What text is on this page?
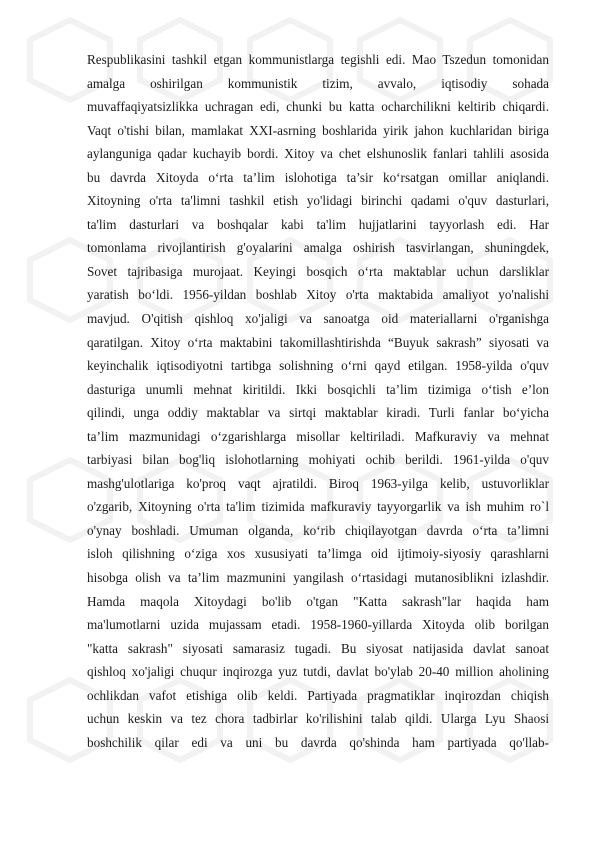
Respublikasini tashkil etgan kommunistlarga tegishli edi. Mao Tszedun tomonidan
amalga oshirilgan kommunistik tizim, avvalo, iqtisodiy sohada
muvaffaqiyatsizlikka uchragan edi, chunki bu katta ocharchilikni keltirib chiqardi.
Vaqt o'tishi bilan, mamlakat XXI-asrning boshlarida yirik jahon kuchlaridan biriga
aylanguniga qadar kuchayib bordi. Xitoy va chet elshunoslik fanlari tahlili asosida
bu davrda Xitoyda o‘rta ta’lim islohotiga ta’sir ko‘rsatgan omillar aniqlandi.
Xitoyning o'rta ta'limni tashkil etish yo'lidagi birinchi qadami o'quv dasturlari,
ta'lim dasturlari va boshqalar kabi ta'lim hujjatlarini tayyorlash edi. Har
tomonlama rivojlantirish g'oyalarini amalga oshirish tasvirlangan, shuningdek,
Sovet tajribasiga murojaat. Keyingi bosqich o‘rta maktablar uchun darsliklar
yaratish bo‘ldi. 1956-yildan boshlab Xitoy o'rta maktabida amaliyot yo'nalishi
mavjud. O'qitish qishloq xo'jaligi va sanoatga oid materiallarni o'rganishga
qaratilgan. Xitoy o‘rta maktabini takomillashtirishda “Buyuk sakrash” siyosati va
keyinchalik iqtisodiyotni tartibga solishning o‘rni qayd etilgan. 1958-yilda o'quv
dasturiga unumli mehnat kiritildi. Ikki bosqichli ta’lim tizimiga o‘tish e’lon
qilindi, unga oddiy maktablar va sirtqi maktablar kiradi. Turli fanlar bo‘yicha
ta’lim mazmunidagi o‘zgarishlarga misollar keltiriladi. Mafkuraviy va mehnat
tarbiyasi bilan bog'liq islohotlarning mohiyati ochib berildi. 1961-yilda o'quv
mashg'ulotlariga ko'proq vaqt ajratildi. Biroq 1963-yilga kelib, ustuvorliklar
o'zgarib, Xitoyning o'rta ta'lim tizimida mafkuraviy tayyorgarlik va ish muhim ro`l
o'ynay boshladi. Umuman olganda, ko‘rib chiqilayotgan davrda o‘rta ta’limni
isloh qilishning o‘ziga xos xususiyati ta’limga oid ijtimoiy-siyosiy qarashlarni
hisobga olish va ta’lim mazmunini yangilash o‘rtasidagi mutanosiblikni izlashdir.
Hamda maqola Xitoydagi bo'lib o'tgan "Katta sakrash"lar haqida ham
ma'lumotlarni uzida mujassam etadi. 1958-1960-yillarda Xitoyda olib borilgan
"katta sakrash" siyosati samarasiz tugadi. Bu siyosat natijasida davlat sanoat
qishloq xo'jaligi chuqur inqirozga yuz tutdi, davlat bo'ylab 20-40 million aholining
ochlikdan vafot etishiga olib keldi. Partiyada pragmatiklar inqirozdan chiqish
uchun keskin va tez chora tadbirlar ko'rilishini talab qildi. Ularga Lyu Shaosi
boshchilik qilar edi va uni bu davrda qo'shinda ham partiyada qo'llab-
